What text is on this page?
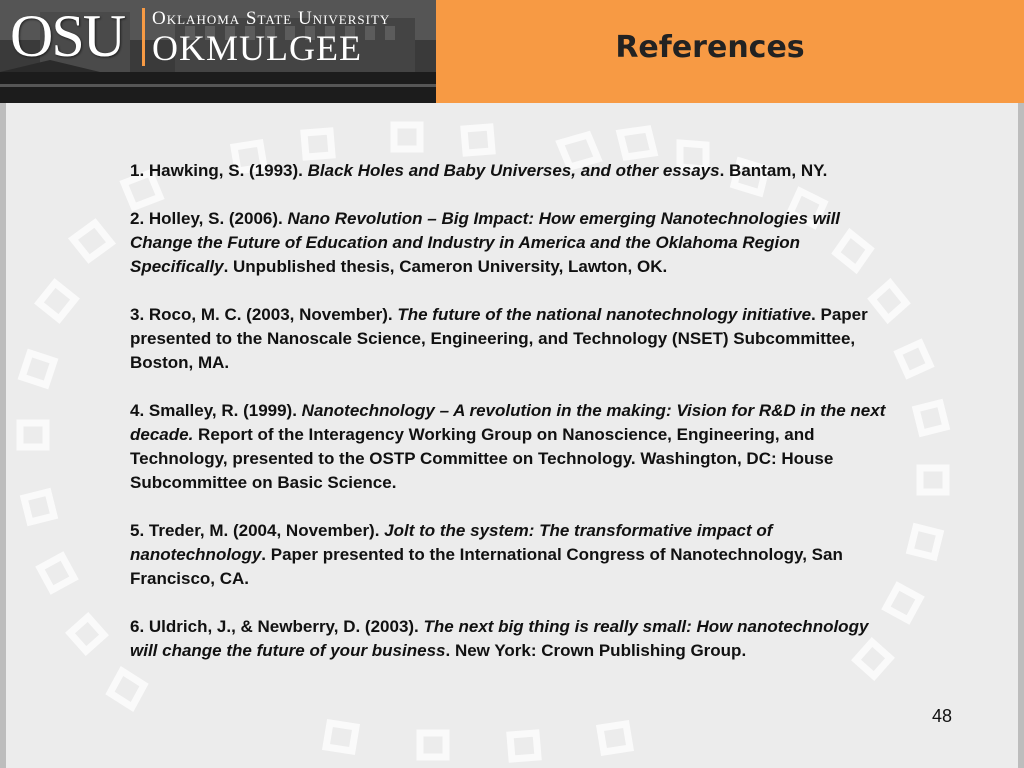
OSU Oklahoma State University
OKMULGEE	References

1. Hawking, S. (1993). Black Holes and Baby Universes, and other essays. Bantam, NY.

2. Holley, S. (2006). Nano Revolution – Big Impact: How emerging Nanotechnologies will Change the Future of Education and Industry in America and the Oklahoma Region Specifically. Unpublished thesis, Cameron University, Lawton, OK.

3. Roco, M. C. (2003, November). The future of the national nanotechnology initiative. Paper presented to the Nanoscale Science, Engineering, and Technology (NSET) Subcommittee, Boston, MA.

4. Smalley, R. (1999). Nanotechnology – A revolution in the making: Vision for R&D in the next decade. Report of the Interagency Working Group on Nanoscience, Engineering, and Technology, presented to the OSTP Committee on Technology. Washington, DC: House Subcommittee on Basic Science.

5. Treder, M. (2004, November). Jolt to the system: The transformative impact of nanotechnology. Paper presented to the International Congress of Nanotechnology, San Francisco, CA.

6. Uldrich, J., & Newberry, D. (2003). The next big thing is really small: How nanotechnology will change the future of your business. New York: Crown Publishing Group.

48
